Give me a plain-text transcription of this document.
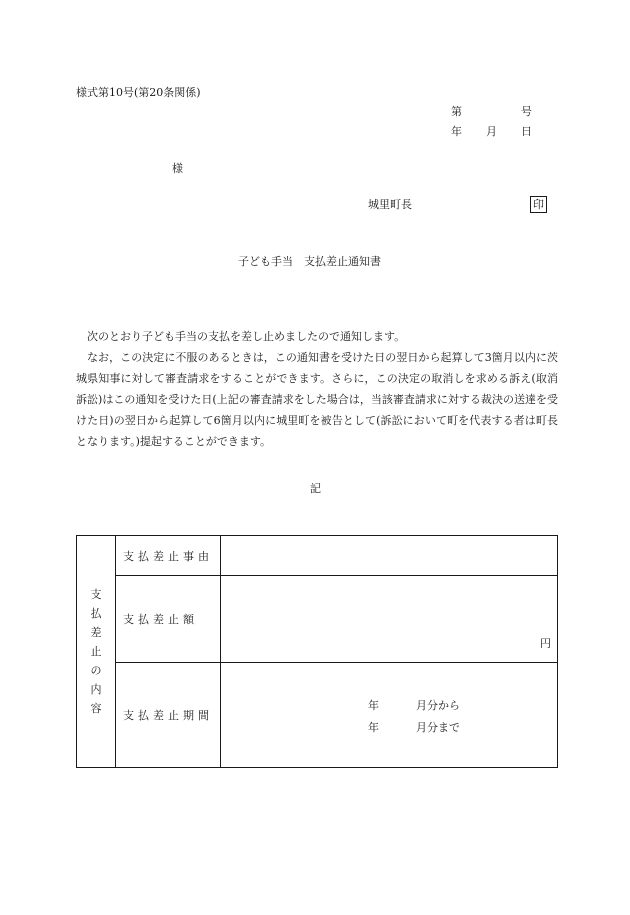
様式第10号(第20条関係)
第	号
年 月 日
様
城里町長	印
子ども手当　支払差止通知書

次のとおり子ども手当の支払を差し止めましたので通知します。

なお，この決定に不服のあるときは，この通知書を受けた日の翌日から起算して3箇月以内に茨城県知事に対して審査請求をすることができます。さらに，この決定の取消しを求める訴え(取消訴訟)はこの通知を受けた日(上記の審査請求をした場合は，当該審査請求に対する裁決の送達を受けた日)の翌日から起算して6箇月以内に城里町を被告として(訴訟において町を代表する者は町長となります。)提起することができます。

記
支払差止の内容	支払差止事由	

	支払差止額	円

	支払差止期間	年 月分から
年 月分まで
